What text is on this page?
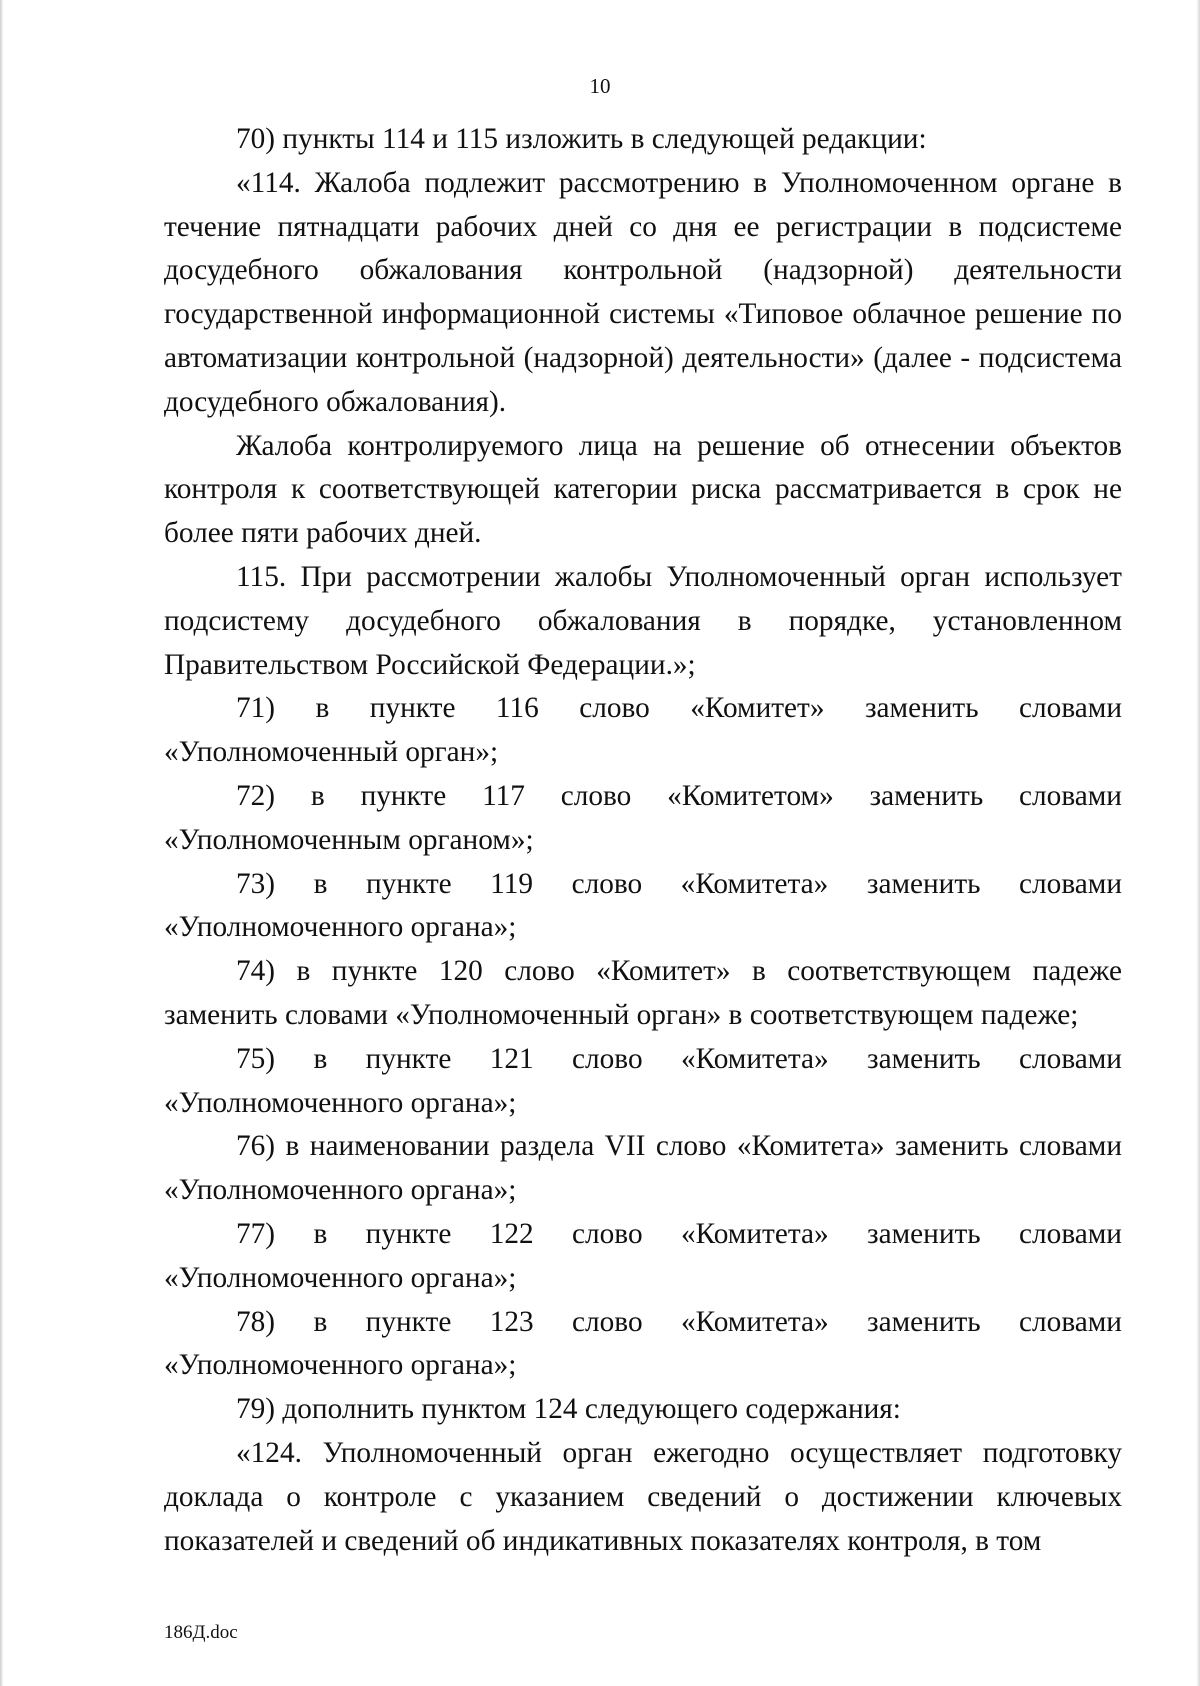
10

70) пункты 114 и 115 изложить в следующей редакции:

«114. Жалоба подлежит рассмотрению в Уполномоченном органе в течение пятнадцати рабочих дней со дня ее регистрации в подсистеме досудебного обжалования контрольной (надзорной) деятельности государственной информационной системы «Типовое облачное решение по автоматизации контрольной (надзорной) деятельности» (далее - подсистема досудебного обжалования).

Жалоба контролируемого лица на решение об отнесении объектов контроля к соответствующей категории риска рассматривается в срок не более пяти рабочих дней.

115. При рассмотрении жалобы Уполномоченный орган использует подсистему досудебного обжалования в порядке, установленном Правительством Российской Федерации.»;

71) в пункте 116 слово «Комитет» заменить словами «Уполномоченный орган»;

72) в пункте 117 слово «Комитетом» заменить словами «Уполномоченным органом»;

73) в пункте 119 слово «Комитета» заменить словами «Уполномоченного органа»;

74) в пункте 120 слово «Комитет» в соответствующем падеже заменить словами «Уполномоченный орган» в соответствующем падеже;

75) в пункте 121 слово «Комитета» заменить словами «Уполномоченного органа»;

76) в наименовании раздела VII слово «Комитета» заменить словами «Уполномоченного органа»;

77) в пункте 122 слово «Комитета» заменить словами «Уполномоченного органа»;

78) в пункте 123 слово «Комитета» заменить словами «Уполномоченного органа»;

79) дополнить пунктом 124 следующего содержания:

«124. Уполномоченный орган ежегодно осуществляет подготовку доклада о контроле с указанием сведений о достижении ключевых показателей и сведений об индикативных показателях контроля, в том

186Д.doc
